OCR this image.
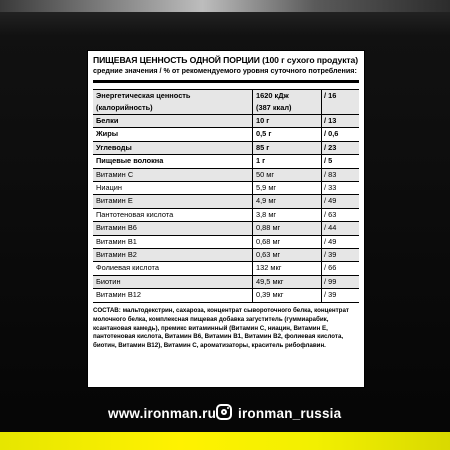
ПИЩЕВАЯ ЦЕННОСТЬ ОДНОЙ ПОРЦИИ (100 г сухого продукта)
средние значения / % от рекомендуемого уровня суточного потребления:
Энергетическая ценность	1620 кДж	/ 16
(калорийность)	(387 ккал)	
Белки	10 г	/ 13
Жиры	0,5 г	/ 0,6
Углеводы	85 г	/ 23
Пищевые волокна	1 г	/ 5
Витамин С	50 мг	/ 83
Ниацин	5,9 мг	/ 33
Витамин Е	4,9 мг	/ 49
Пантотеновая кислота	3,8 мг	/ 63
Витамин В6	0,88 мг	/ 44
Витамин В1	0,68 мг	/ 49
Витамин В2	0,63 мг	/ 39
Фолиевая кислота	132 мкг	/ 66
Биотин	49,5 мкг	/ 99
Витамин В12	0,39 мкг	/ 39
СОСТАВ: мальтодекстрин, сахароза, концентрат сывороточного белка, концентрат молочного белка, комплексная пищевая добавка загуститель (гуммиарабик, ксантановая камедь), премикс витаминный (Витамин С, ниацин, Витамин Е, пантотеновая кислота, Витамин В6, Витамин В1, Витамин В2, фолиевая кислота, биотин, Витамин В12), Витамин С, ароматизаторы, краситель рибофлавин.
www.ironman.ru ironman_russia
